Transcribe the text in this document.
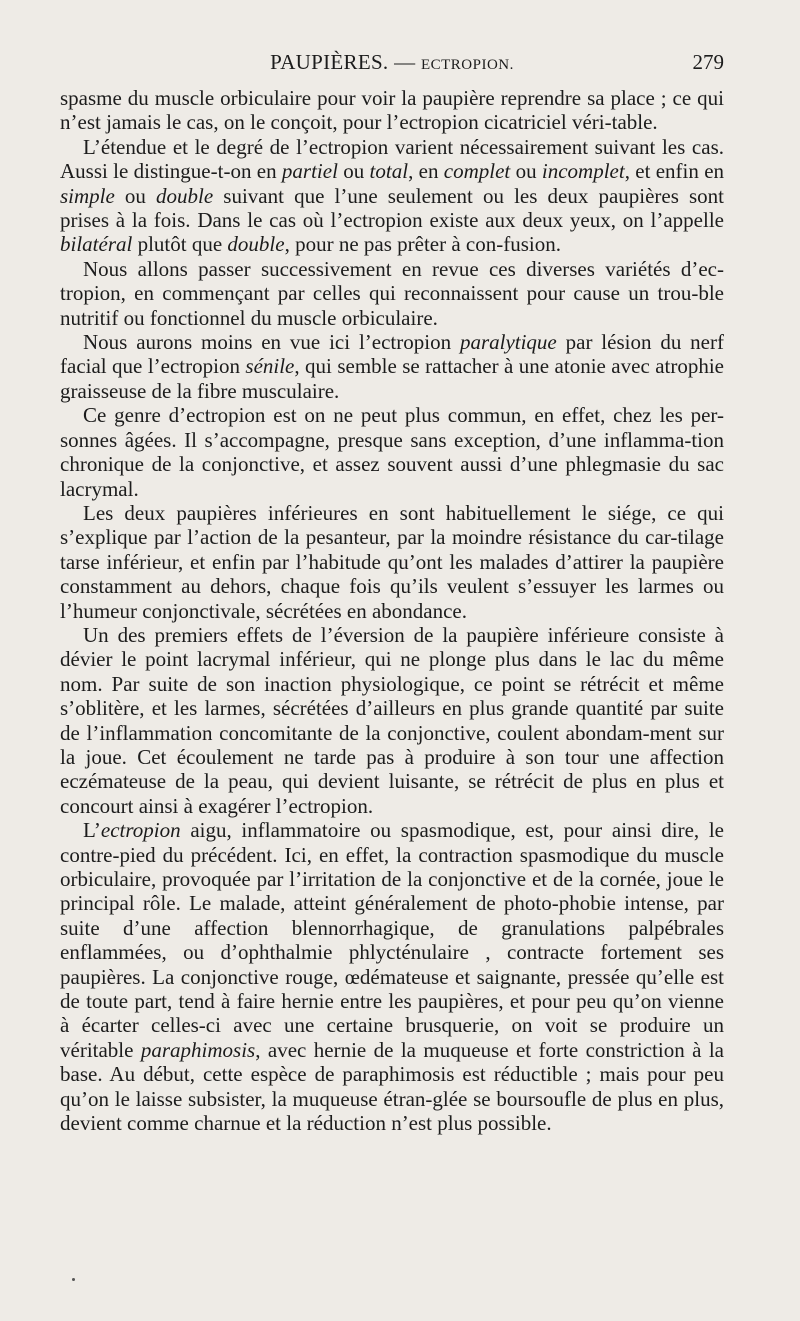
PAUPIÈRES. — ECTROPION.	279

spasme du muscle orbiculaire pour voir la paupière reprendre sa place ; ce qui n’est jamais le cas, on le conçoit, pour l’ectropion cicatriciel véri-table.

L’étendue et le degré de l’ectropion varient nécessairement suivant les cas. Aussi le distingue-t-on en partiel ou total, en complet ou incomplet, et enfin en simple ou double suivant que l’une seulement ou les deux paupières sont prises à la fois. Dans le cas où l’ectropion existe aux deux yeux, on l’appelle bilatéral plutôt que double, pour ne pas prêter à con-fusion.

Nous allons passer successivement en revue ces diverses variétés d’ec-tropion, en commençant par celles qui reconnaissent pour cause un trou-ble nutritif ou fonctionnel du muscle orbiculaire.

Nous aurons moins en vue ici l’ectropion paralytique par lésion du nerf facial que l’ectropion sénile, qui semble se rattacher à une atonie avec atrophie graisseuse de la fibre musculaire.

Ce genre d’ectropion est on ne peut plus commun, en effet, chez les per-sonnes âgées. Il s’accompagne, presque sans exception, d’une inflamma-tion chronique de la conjonctive, et assez souvent aussi d’une phlegmasie du sac lacrymal.

Les deux paupières inférieures en sont habituellement le siége, ce qui s’explique par l’action de la pesanteur, par la moindre résistance du car-tilage tarse inférieur, et enfin par l’habitude qu’ont les malades d’attirer la paupière constamment au dehors, chaque fois qu’ils veulent s’essuyer les larmes ou l’humeur conjonctivale, sécrétées en abondance.

Un des premiers effets de l’éversion de la paupière inférieure consiste à dévier le point lacrymal inférieur, qui ne plonge plus dans le lac du même nom. Par suite de son inaction physiologique, ce point se rétrécit et même s’oblitère, et les larmes, sécrétées d’ailleurs en plus grande quantité par suite de l’inflammation concomitante de la conjonctive, coulent abondam-ment sur la joue. Cet écoulement ne tarde pas à produire à son tour une affection eczémateuse de la peau, qui devient luisante, se rétrécit de plus en plus et concourt ainsi à exagérer l’ectropion.

L’ectropion aigu, inflammatoire ou spasmodique, est, pour ainsi dire, le contre-pied du précédent. Ici, en effet, la contraction spasmodique du muscle orbiculaire, provoquée par l’irritation de la conjonctive et de la cornée, joue le principal rôle. Le malade, atteint généralement de photo-phobie intense, par suite d’une affection blennorrhagique, de granulations palpébrales enflammées, ou d’ophthalmie phlycténulaire , contracte fortement ses paupières. La conjonctive rouge, œdémateuse et saignante, pressée qu’elle est de toute part, tend à faire hernie entre les paupières, et pour peu qu’on vienne à écarter celles-ci avec une certaine brusquerie, on voit se produire un véritable paraphimosis, avec hernie de la muqueuse et forte constriction à la base. Au début, cette espèce de paraphimosis est réductible ; mais pour peu qu’on le laisse subsister, la muqueuse étran-glée se boursoufle de plus en plus, devient comme charnue et la réduction n’est plus possible.
